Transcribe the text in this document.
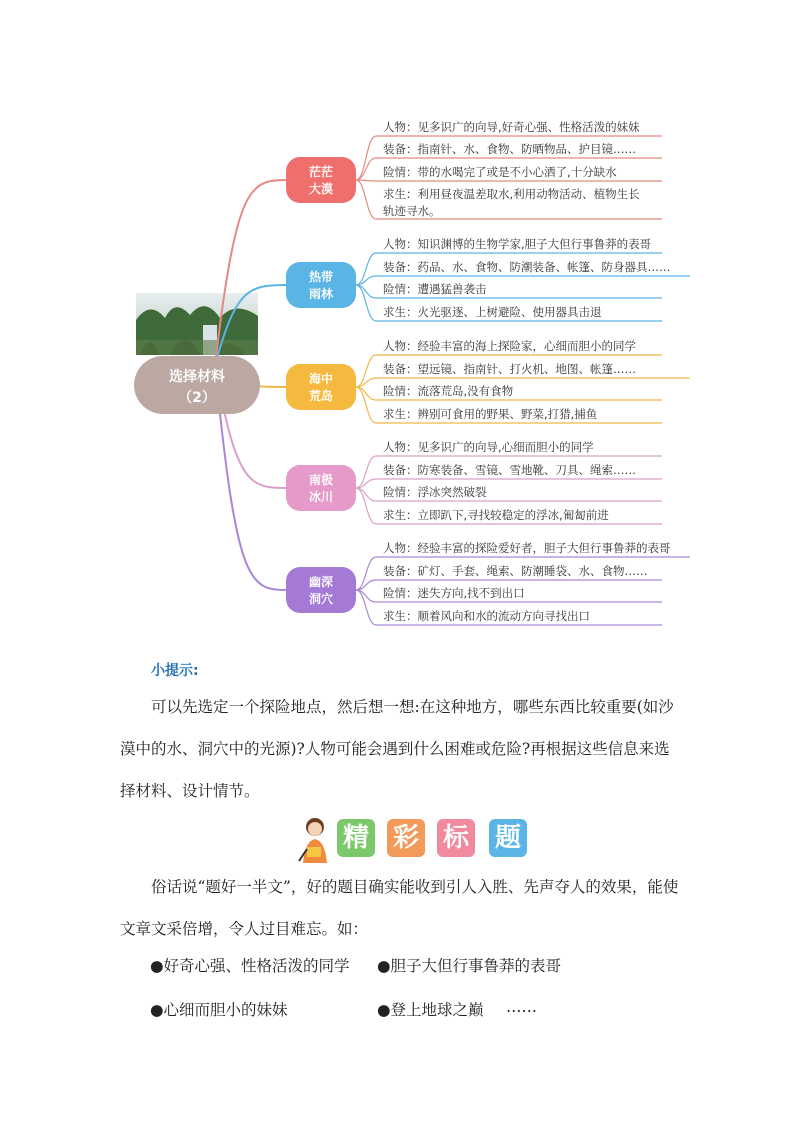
选择材料
（2）
茫茫
大漠
人物：见多识广的向导,好奇心强、性格活泼的妹妹
装备：指南针、水、食物、防晒物品、护目镜……
险情：带的水喝完了或是不小心洒了,十分缺水
求生：利用昼夜温差取水,利用动物活动、植物生长
轨迹寻水。
热带
雨林
人物：知识渊博的生物学家,胆子大但行事鲁莽的表哥
装备：药品、水、食物、防潮装备、帐篷、防身器具……
险情：遭遇猛兽袭击
求生：火光驱逐、上树避险、使用器具击退
海中
荒岛
人物：经验丰富的海上探险家，心细而胆小的同学
装备：望远镜、指南针、打火机、地图、帐篷……
险情：流落荒岛,没有食物
求生：辨别可食用的野果、野菜,打猎,捕鱼
南极
冰川
人物：见多识广的向导,心细而胆小的同学
装备：防寒装备、雪镜、雪地靴、刀具、绳索……
险情：浮冰突然破裂
求生：立即趴下,寻找较稳定的浮冰,匍匐前进
幽深
洞穴
人物：经验丰富的探险爱好者，胆子大但行事鲁莽的表哥
装备：矿灯、手套、绳索、防潮睡袋、水、食物……
险情：迷失方向,找不到出口
求生：顺着风向和水的流动方向寻找出口
小提示:

可以先选定一个探险地点，然后想一想:在这种地方，哪些东西比较重要(如沙漠中的水、洞穴中的光源)?人物可能会遇到什么困难或危险?再根据这些信息来选择材料、设计情节。

精 彩 标 题

俗话说“题好一半文”，好的题目确实能收到引人入胜、先声夺人的效果，能使文章文采倍增，令人过目难忘。如：

●好奇心强、性格活泼的同学 ●胆子大但行事鲁莽的表哥
●心细而胆小的妹妹	●登上地球之巅 ……
